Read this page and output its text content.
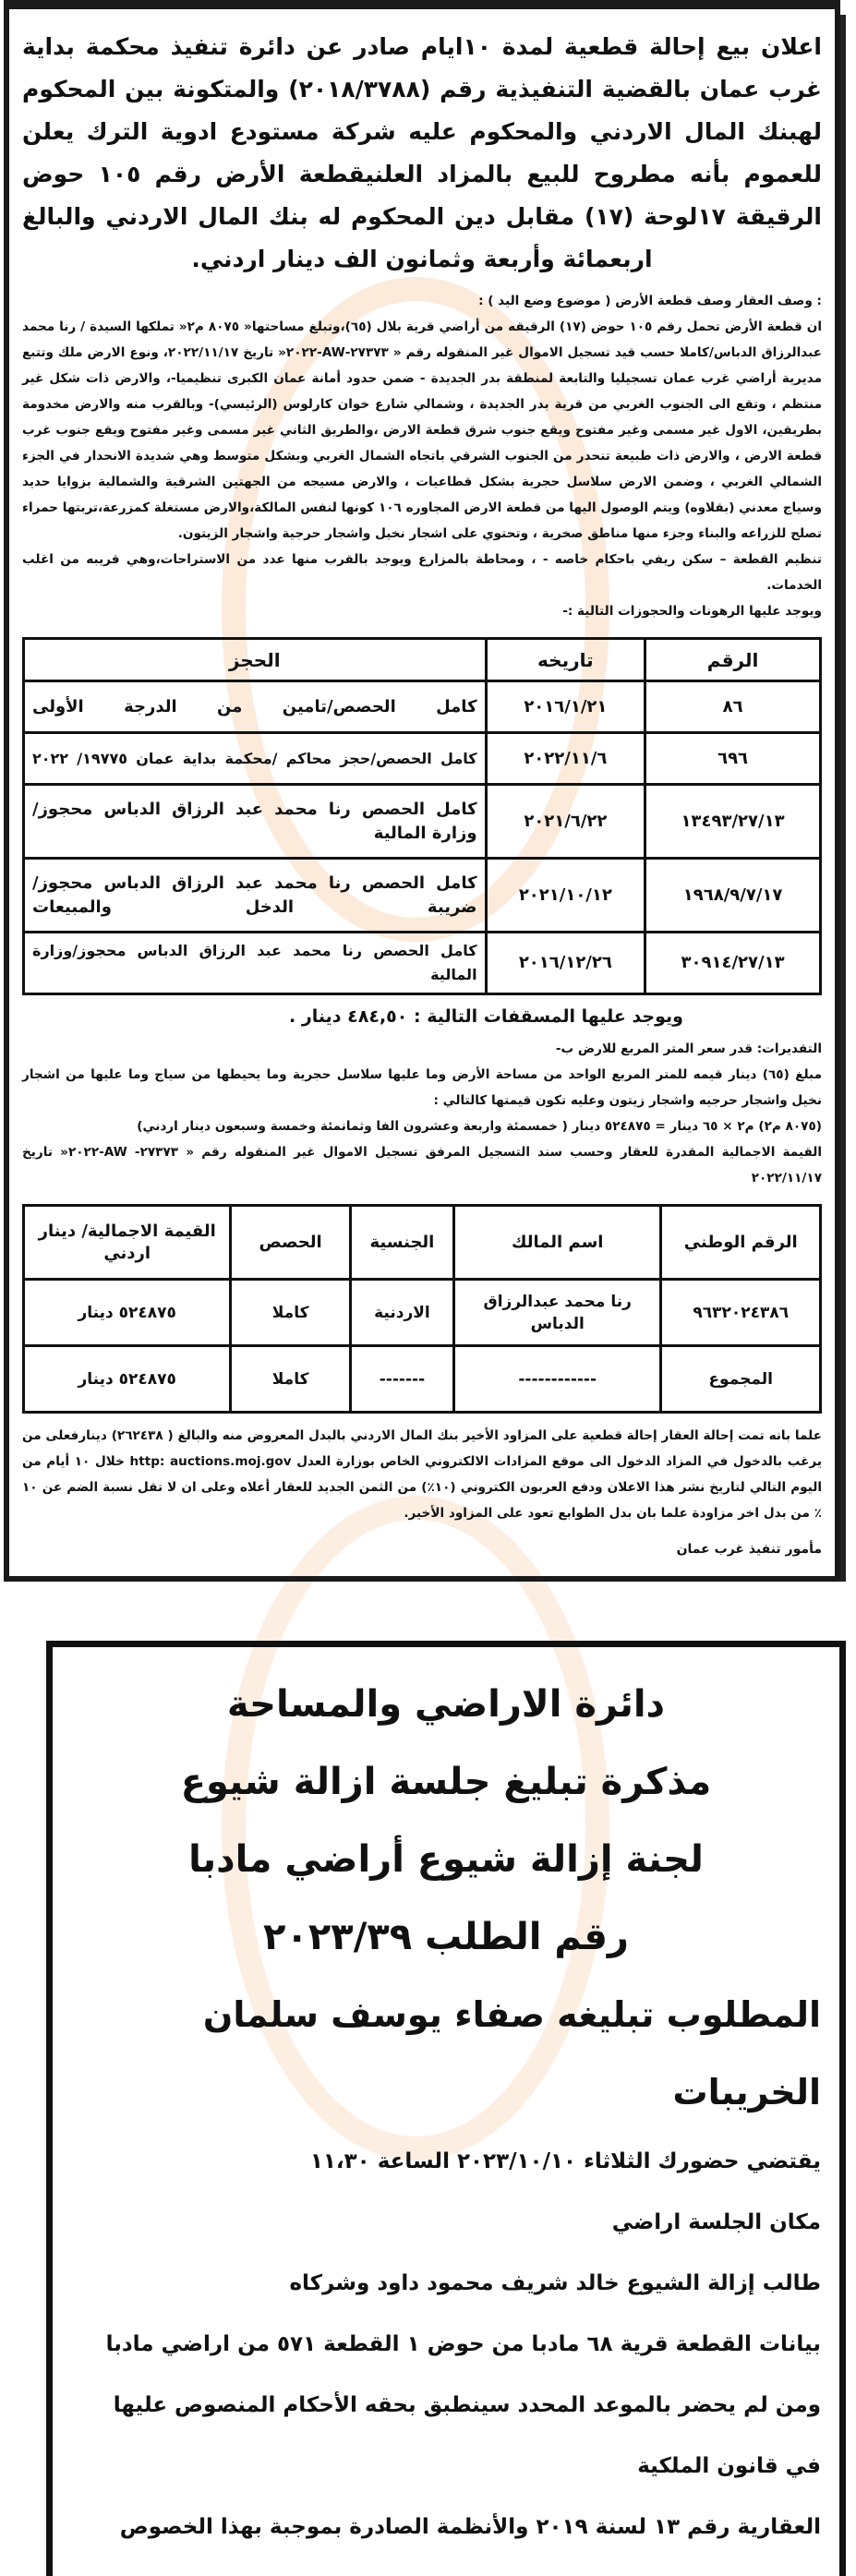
اعلان بيع إحالة قطعية لمدة ١٠ايام صادر عن دائرة تنفيذ محكمة بداية غرب عمان بالقضية التنفيذية رقم (٢٠١٨/٣٧٨٨) والمتكونة بين المحكوم لهبنك المال الاردني والمحكوم عليه شركة مستودع ادوية الترك يعلن للعموم بأنه مطروح للبيع بالمزاد العلنيقطعة الأرض رقم ١٠٥ حوض الرقيقة ١٧لوحة (١٧) مقابل دين المحكوم له بنك المال الاردني والبالغ اربعمائة وأربعة وثمانون الف دينار اردني.
: وصف العقار وصف قطعة الأرض ( موضوع وضع اليد ) :
ان قطعة الأرض تحمل رقم ١٠٥ حوض (١٧) الرقيقه من أراضي قرية بلال (٦٥)،وتبلغ مساحتها« ٨٠٧٥ م٢« تملكها السيدة / رنا محمد عبدالرزاق الدباس/كاملا حسب قيد تسجيل الاموال غير المنقوله رقم « ٢٧٣٧٣-AW-٢٠٢٢« تاريخ ٢٠٢٢/١١/١٧، ونوع الارض ملك وتتبع مديرية أراضي غرب عمان تسجيليا والتابعة لمنطقة بدر الجديدة - ضمن حدود أمانة عمان الكبرى تنظيميا-، والارض ذات شكل غير منتظم ، وتقع الى الجنوب الغربي من قرية بدر الجديدة ، وشمالي شارع خوان كارلوس (الرئيسي)- وبالقرب منه والارض مخدومة بطريقين، الاول غير مسمى وغير مفتوح ويقع جنوب شرق قطعة الارض ،والطريق الثاني غير مسمى وغير مفتوح ويقع جنوب غرب قطعة الارض ، والارض ذات طبيعة تنحدر من الجنوب الشرقي باتجاه الشمال الغربي وبشكل متوسط وهي شديدة الانحدار في الجزء الشمالي الغربي ، وضمن الارض سلاسل حجرية بشكل قطاعيات ، والارض مسيجه من الجهتين الشرقية والشمالية بزوايا حديد وسياج معدني (بقلاوه) ويتم الوصول اليها من قطعة الارض المجاوره ١٠٦ كونها لنفس المالكة،والارض مستغلة كمزرعة،تربتها حمراء تصلح للزراعه والبناء وجزء منها مناطق صخرية ، وتحتوي على اشجار نخيل واشجار حرجية واشجار الزيتون.
تنظيم القطعة – سكن ريفي باحكام خاصه - ، ومحاطة بالمزارع ويوجد بالقرب منها عدد من الاستراحات،وهي قريبه من اغلب الخدمات.
ويوجد عليها الرهونات والحجوزات التالية :-
الرقم	تاريخه	الحجز
٨٦	٢٠١٦/١/٢١	كامل الحصص/تامين من الدرجة الأولى
٦٩٦	٢٠٢٢/١١/٦	كامل الحصص/حجز محاكم /محكمة بداية عمان ١٩٧٧٥/ ٢٠٢٢
١٣٤٩٣/٢٧/١٣	٢٠٢١/٦/٢٢	كامل الحصص رنا محمد عبد الرزاق الدباس محجوز/وزارة المالية
١٩٦٨/٩/٧/١٧	٢٠٢١/١٠/١٢	كامل الحصص رنا محمد عبد الرزاق الدباس محجوز/ضريبة الدخل والمبيعات
٣٠٩١٤/٢٧/١٣	٢٠١٦/١٢/٢٦	كامل الحصص رنا محمد عبد الرزاق الدباس محجوز/وزارة المالية
ويوجد عليها المسقفات التالية : ٤٨٤,٥٠ دينار .
التقديرات: قدر سعر المتر المربع للارض ب-
مبلغ (٦٥) دينار قيمه للمتر المربع الواحد من مساحة الأرض وما عليها سلاسل حجرية وما يحيطها من سياج وما عليها من اشجار نخيل واشجار حرجيه واشجار زيتون وعليه تكون قيمتها كالتالي :
(٨٠٧٥ م٢) م٢ × ٦٥ دينار = ٥٢٤٨٧٥ دينار ( خمسمئة واربعة وعشرون الفا وثمانمئة وخمسة وسبعون دينار اردني)
القيمة الاجمالية المقدرة للعقار وحسب سند التسجيل المرفق تسجيل الاموال غير المنقوله رقم « ٢٧٣٧٣- AW-٢٠٢٢« تاريخ ٢٠٢٢/١١/١٧
الرقم الوطني	اسم المالك	الجنسية	الحصص	القيمة الاجمالية/ دينار اردني
٩٦٣٢٠٢٤٣٨٦	رنا محمد عبدالرزاق الدباس	الاردنية	كاملا	٥٢٤٨٧٥ دينار
المجموع	------------	-------	كاملا	٥٢٤٨٧٥ دينار
علما بانه تمت إحالة العقار إحالة قطعية على المزاود الأخير بنك المال الاردني بالبدل المعروض منه والبالغ ( ٢٦٢٤٣٨) دينارفعلى من يرغب بالدخول في المزاد الدخول الى موقع المزادات الالكتروني الخاص بوزارة العدل http: auctions.moj.gov خلال ١٠ أيام من اليوم التالي لتاريخ نشر هذا الاعلان ودفع العربون الكتروني (١٠٪) من الثمن الجديد للعقار أعلاه وعلى ان لا تقل نسبة الضم عن ١٠ ٪ من بدل اخر مزاودة علما بان بدل الطوابع تعود على المزاود الأخير.
مأمور تنفيذ غرب عمان
دائرة الاراضي والمساحة
مذكرة تبليغ جلسة ازالة شيوع
لجنة إزالة شيوع أراضي مادبا
رقم الطلب ٢٠٢٣/٣٩
المطلوب تبليغه صفاء يوسف سلمان الخريبات
يقتضي حضورك الثلاثاء ٢٠٢٣/١٠/١٠ الساعة ١١،٣٠
مكان الجلسة اراضي
طالب إزالة الشيوع خالد شريف محمود داود وشركاه
بيانات القطعة قرية ٦٨ مادبا من حوض ١ القطعة ٥٧١ من اراضي مادبا
ومن لم يحضر بالموعد المحدد سينطبق بحقه الأحكام المنصوص عليها في قانون الملكية
العقارية رقم ١٣ لسنة ٢٠١٩ والأنظمة الصادرة بموجبة بهذا الخصوص
